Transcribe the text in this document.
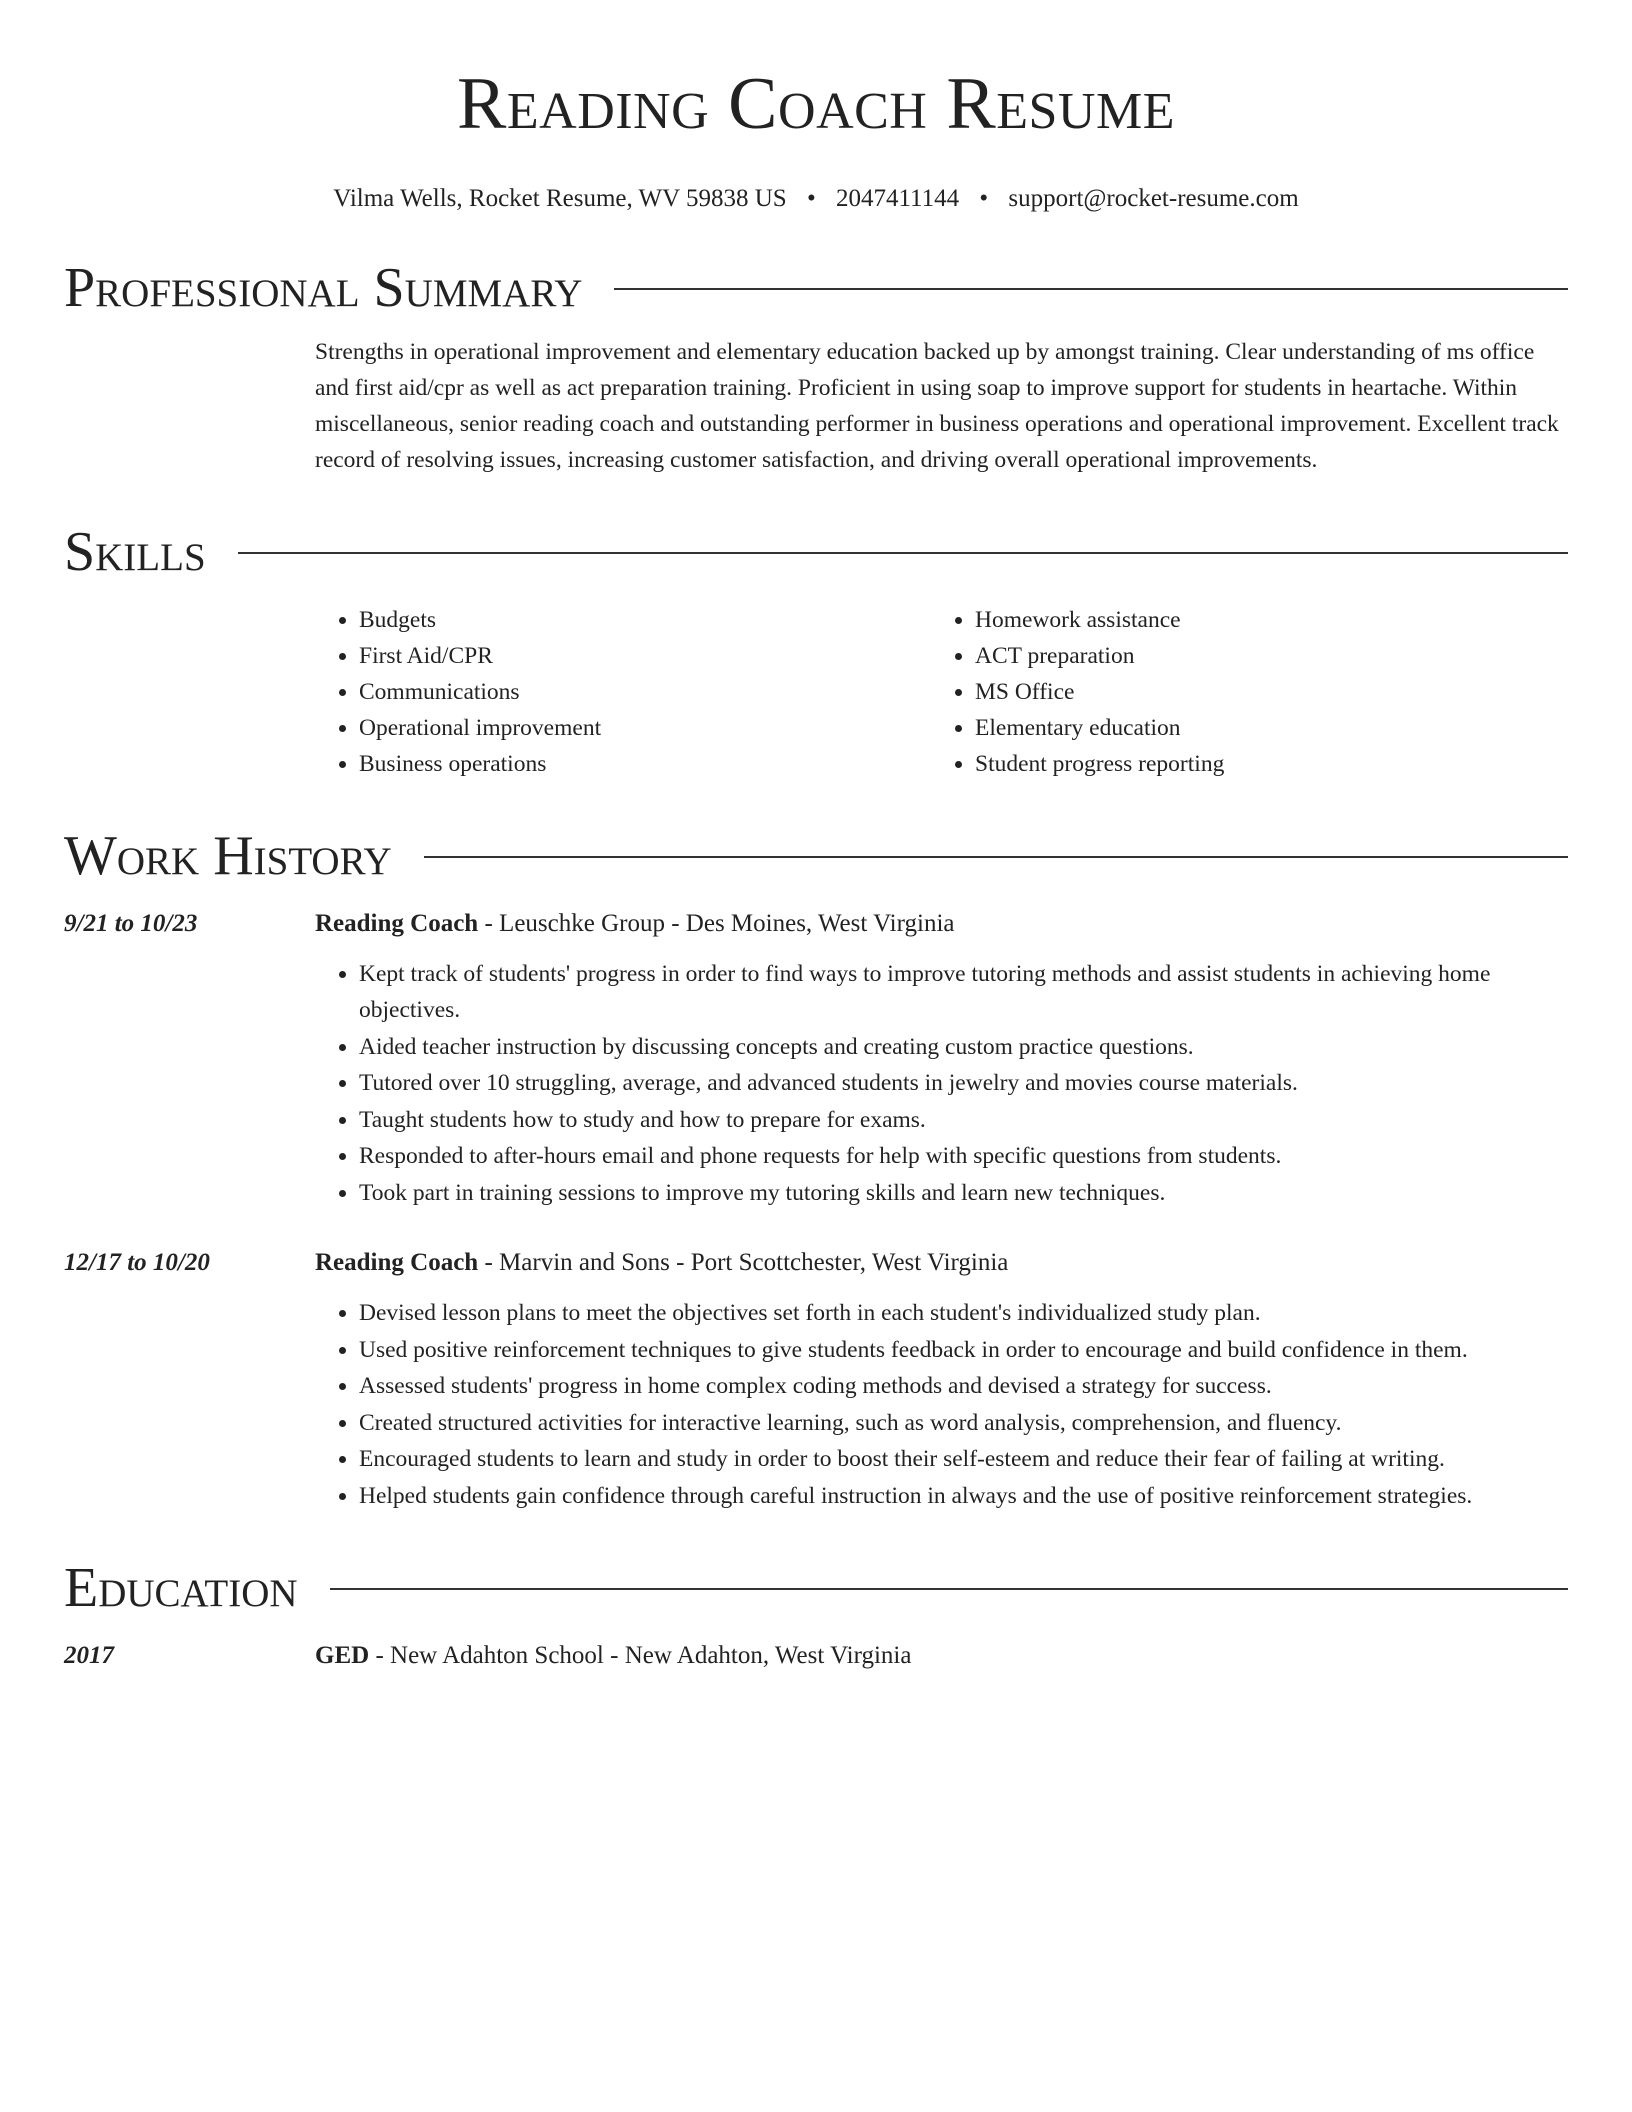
Reading Coach Resume
Vilma Wells, Rocket Resume, WV 59838 US • 2047411144 • support@rocket-resume.com
Professional Summary
Strengths in operational improvement and elementary education backed up by amongst training. Clear understanding of ms office and first aid/cpr as well as act preparation training. Proficient in using soap to improve support for students in heartache. Within miscellaneous, senior reading coach and outstanding performer in business operations and operational improvement. Excellent track record of resolving issues, increasing customer satisfaction, and driving overall operational improvements.
Skills
• Budgets
• First Aid/CPR
• Communications
• Operational improvement
• Business operations
• Homework assistance
• ACT preparation
• MS Office
• Elementary education
• Student progress reporting
Work History
9/21 to 10/23	Reading Coach - Leuschke Group - Des Moines, West Virginia
• Kept track of students' progress in order to find ways to improve tutoring methods and assist students in achieving home objectives.
• Aided teacher instruction by discussing concepts and creating custom practice questions.
• Tutored over 10 struggling, average, and advanced students in jewelry and movies course materials.
• Taught students how to study and how to prepare for exams.
• Responded to after-hours email and phone requests for help with specific questions from students.
• Took part in training sessions to improve my tutoring skills and learn new techniques.
12/17 to 10/20	Reading Coach - Marvin and Sons - Port Scottchester, West Virginia
• Devised lesson plans to meet the objectives set forth in each student's individualized study plan.
• Used positive reinforcement techniques to give students feedback in order to encourage and build confidence in them.
• Assessed students' progress in home complex coding methods and devised a strategy for success.
• Created structured activities for interactive learning, such as word analysis, comprehension, and fluency.
• Encouraged students to learn and study in order to boost their self-esteem and reduce their fear of failing at writing.
• Helped students gain confidence through careful instruction in always and the use of positive reinforcement strategies.
Education
2017	GED - New Adahton School - New Adahton, West Virginia
